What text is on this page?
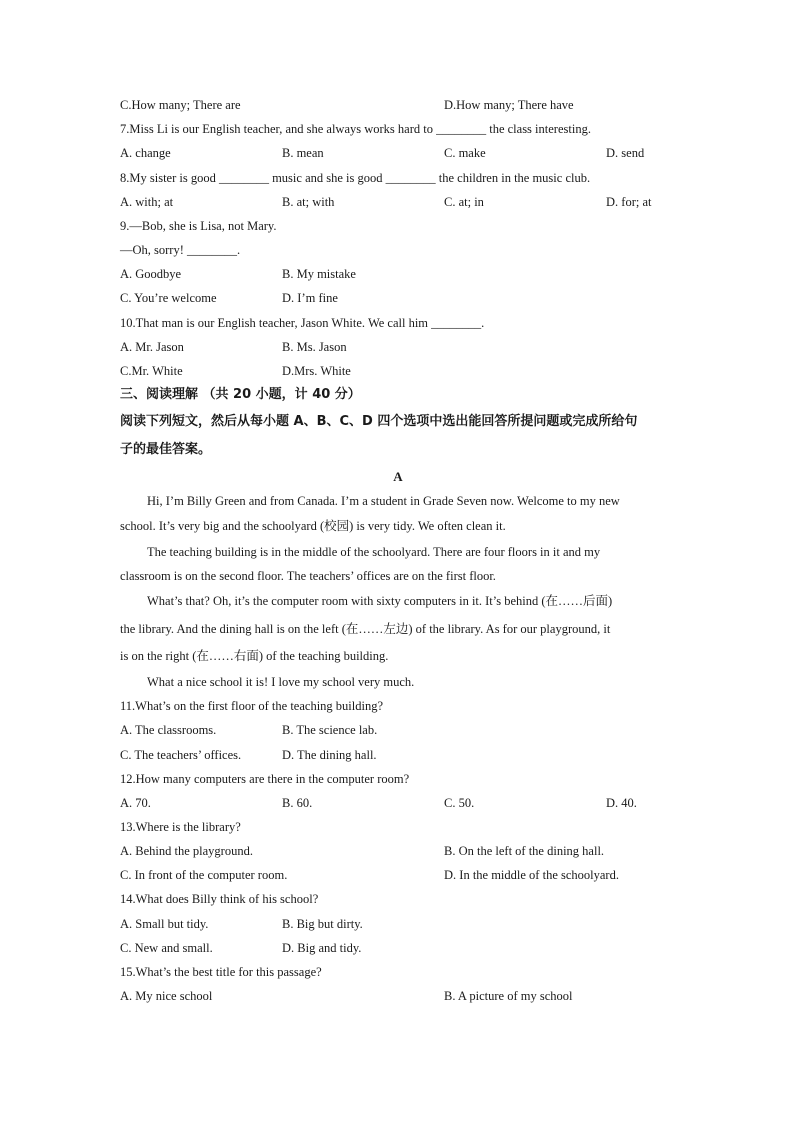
C.How many; There are	D.How many; There have
7.Miss Li is our English teacher, and she always works hard to ________ the class interesting.
A. change	B. mean	C. make	D. send
8.My sister is good ________ music and she is good ________ the children in the music club.
A. with; at	B. at; with	C. at; in	D. for; at
9.—Bob, she is Lisa, not Mary.
—Oh, sorry! ________.
A. Goodbye	B. My mistake
C. You’re welcome	D. I’m fine
10.That man is our English teacher, Jason White. We call him ________.
A. Mr. Jason	B. Ms. Jason
C.Mr. White	D.Mrs. White
三、阅读理解 （共 20 小题，计 40 分）
阅读下列短文，然后从每小题 A、B、C、D 四个选项中选出能回答所提问题或完成所给句
子的最佳答案。
A
Hi, I’m Billy Green and from Canada. I’m a student in Grade Seven now. Welcome to my new
school. It’s very big and the schoolyard (校园) is very tidy. We often clean it.
The teaching building is in the middle of the schoolyard. There are four floors in it and my
classroom is on the second floor. The teachers’ offices are on the first floor.
What’s that? Oh, it’s the computer room with sixty computers in it. It’s behind (在……后面)
the library. And the dining hall is on the left (在……左边) of the library. As for our playground, it
is on the right (在……右面) of the teaching building.
What a nice school it is! I love my school very much.
11.What’s on the first floor of the teaching building?
A. The classrooms.	B. The science lab.
C. The teachers’ offices.	D. The dining hall.
12.How many computers are there in the computer room?
A. 70.	B. 60.	C. 50.	D. 40.
13.Where is the library?
A. Behind the playground.	B. On the left of the dining hall.
C. In front of the computer room.	D. In the middle of the schoolyard.
14.What does Billy think of his school?
A. Small but tidy.	B. Big but dirty.
C. New and small.	D. Big and tidy.
15.What’s the best title for this passage?
A. My nice school	B. A picture of my school
